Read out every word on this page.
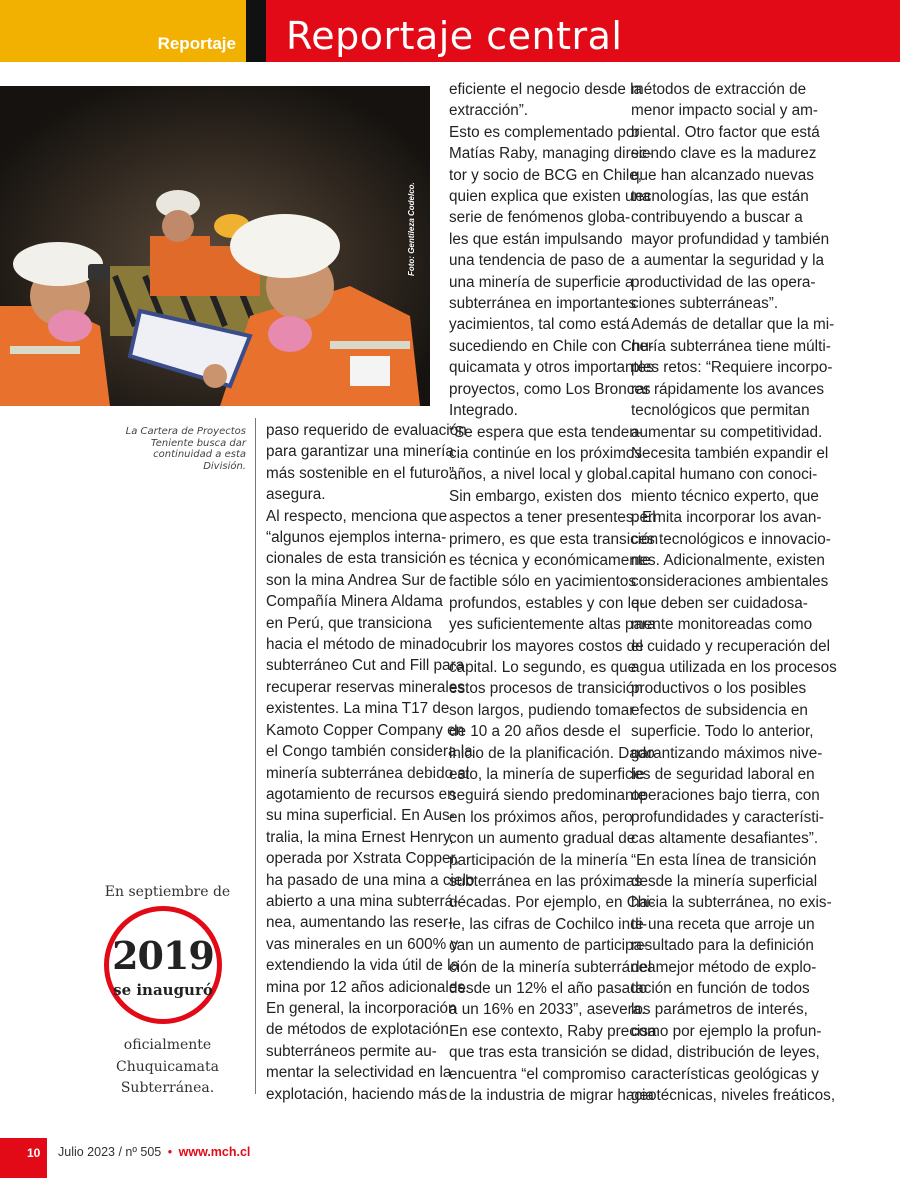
Reportaje Reportaje central
Foto: Gentileza Codelco.
La Cartera de Proyectos Teniente busca dar continuidad a esta División.
paso requerido de evaluación
para garantizar una minería
más sostenible en el futuro”,
asegura.
Al respecto, menciona que
“algunos ejemplos interna-
cionales de esta transición
son la mina Andrea Sur de
Compañía Minera Aldama
en Perú, que transiciona
hacia el método de minado
subterráneo Cut and Fill para
recuperar reservas minerales
existentes. La mina T17 de
Kamoto Copper Company en
el Congo también considera la
minería subterránea debido al
agotamiento de recursos en
su mina superficial. En Aus-
tralia, la mina Ernest Henry,
operada por Xstrata Copper,
ha pasado de una mina a cielo
abierto a una mina subterrá-
nea, aumentando las reser-
vas minerales en un 600% y
extendiendo la vida útil de la
mina por 12 años adicionales.
En general, la incorporación
de métodos de explotación
subterráneos permite au-
mentar la selectividad en la
explotación, haciendo más
eficiente el negocio desde la
extracción”.
Esto es complementado por
Matías Raby, managing direc-
tor y socio de BCG en Chile,
quien explica que existen una
serie de fenómenos globa-
les que están impulsando
una tendencia de paso de
una minería de superficie a
subterránea en importantes
yacimientos, tal como está
sucediendo en Chile con Chu-
quicamata y otros importantes
proyectos, como Los Bronces
Integrado.
“Se espera que esta tenden-
cia continúe en los próximos
años, a nivel local y global.
Sin embargo, existen dos
aspectos a tener presentes. El
primero, es que esta transición
es técnica y económicamente
factible sólo en yacimientos
profundos, estables y con le-
yes suficientemente altas para
cubrir los mayores costos de
capital. Lo segundo, es que
estos procesos de transición
son largos, pudiendo tomar
de 10 a 20 años desde el
inicio de la planificación. Dado
esto, la minería de superficie
seguirá siendo predominante
en los próximos años, pero
con un aumento gradual de
participación de la minería
subterránea en las próximas
décadas. Por ejemplo, en Chi-
le, las cifras de Cochilco indi-
can un aumento de participa-
ción de la minería subterránea
desde un 12% el año pasado
a un 16% en 2033”, asevera.
En ese contexto, Raby precisa
que tras esta transición se
encuentra “el compromiso
de la industria de migrar hacia
métodos de extracción de
menor impacto social y am-
biental. Otro factor que está
siendo clave es la madurez
que han alcanzado nuevas
tecnologías, las que están
contribuyendo a buscar a
mayor profundidad y también
a aumentar la seguridad y la
productividad de las opera-
ciones subterráneas”.
Además de detallar que la mi-
nería subterránea tiene múlti-
ples retos: “Requiere incorpo-
rar rápidamente los avances
tecnológicos que permitan
aumentar su competitividad.
Necesita también expandir el
capital humano con conoci-
miento técnico experto, que
permita incorporar los avan-
ces tecnológicos e innovacio-
nes. Adicionalmente, existen
consideraciones ambientales
que deben ser cuidadosa-
mente monitoreadas como
el cuidado y recuperación del
agua utilizada en los procesos
productivos o los posibles
efectos de subsidencia en
superficie. Todo lo anterior,
garantizando máximos nive-
les de seguridad laboral en
operaciones bajo tierra, con
profundidades y característi-
cas altamente desafiantes”.
“En esta línea de transición
desde la minería superficial
hacia la subterránea, no exis-
te una receta que arroje un
resultado para la definición
del mejor método de explo-
tación en función de todos
los parámetros de interés,
como por ejemplo la profun-
didad, distribución de leyes,
características geológicas y
geotécnicas, niveles freáticos,
En septiembre de
2019
se inauguró
oficialmente
Chuquicamata
Subterránea.
10 Julio 2023 / nº 505 • www.mch.cl
